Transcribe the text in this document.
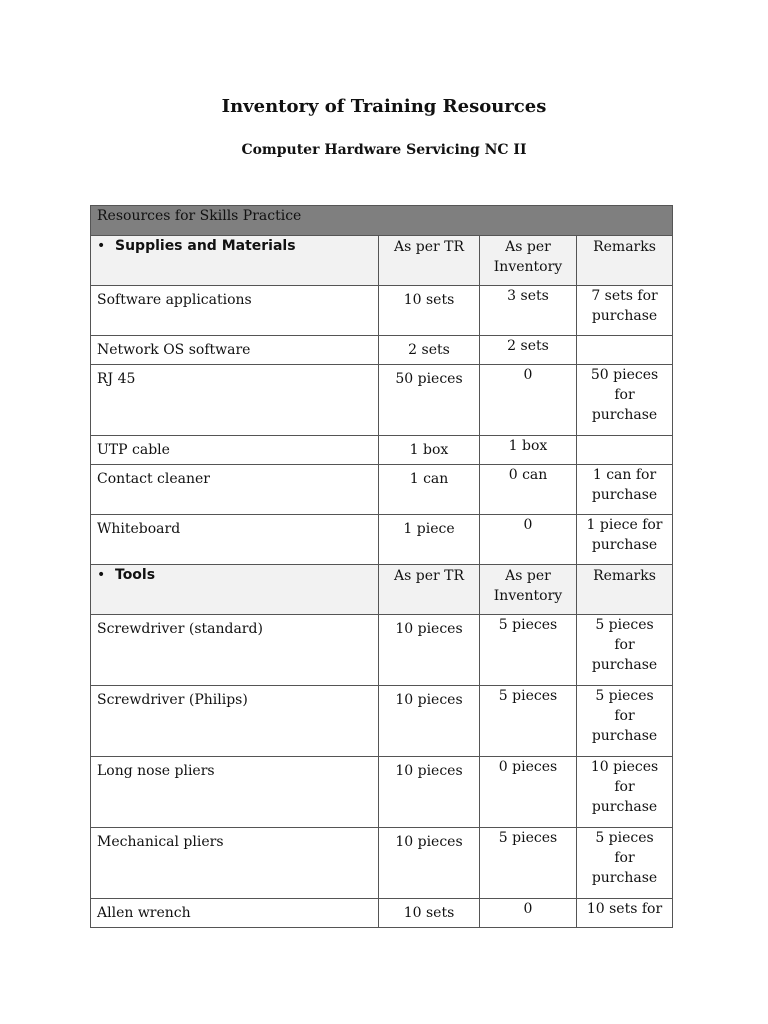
Inventory of Training Resources
Computer Hardware Servicing NC II
Resources for Skills Practice			
• Supplies and Materials	As per TR	As per Inventory	Remarks
Software applications	10 sets	3 sets	7 sets for purchase
Network OS software	2 sets	2 sets	
RJ 45	50 pieces	0	50 pieces for purchase
UTP cable	1 box	1 box	
Contact cleaner	1 can	0 can	1 can for purchase
Whiteboard	1 piece	0	1 piece for purchase
• Tools	As per TR	As per Inventory	Remarks
Screwdriver (standard)	10 pieces	5 pieces	5 pieces for purchase
Screwdriver (Philips)	10 pieces	5 pieces	5 pieces for purchase
Long nose pliers	10 pieces	0 pieces	10 pieces for purchase
Mechanical pliers	10 pieces	5 pieces	5 pieces for purchase
Allen wrench	10 sets	0	10 sets for
